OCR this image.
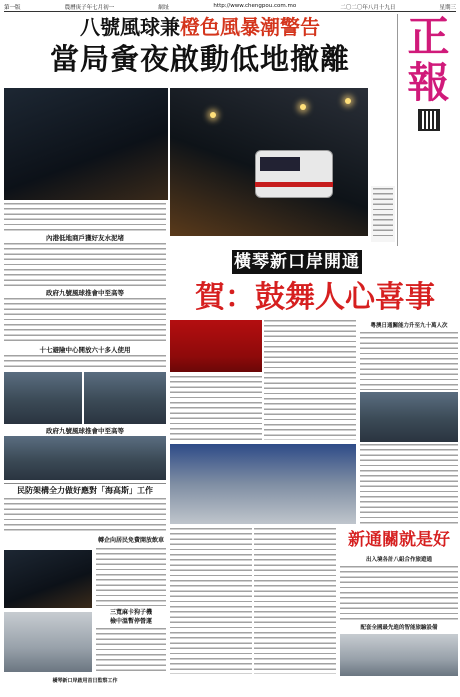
第一版	農曆庚子年七月初一	網址	http://www.chengpou.com.mo	二〇二〇年八月十九日	星期三
八號風球兼橙色風暴潮警告
當局夤夜啟動低地撤離	正
報
內港低地商戶獲好友水泥堵
政府九號風球推會中至高等
十七避險中心開放六十多人使用
政府九號風球推會中至高等
民防架構全力做好應對「海高斯」工作
轉企向居民免費開放飲車
三寬麻卡狗子機
檢中溫暫停營運
橫琴新口岸開通
賀：鼓舞人心喜事
粵澳日通關能力升至九十萬人次
新通關就是好
出入境各計八組合作旅遊通
配套全國最先進的智能旅驗設備
橫琴新口岸啟用首日監察工作
